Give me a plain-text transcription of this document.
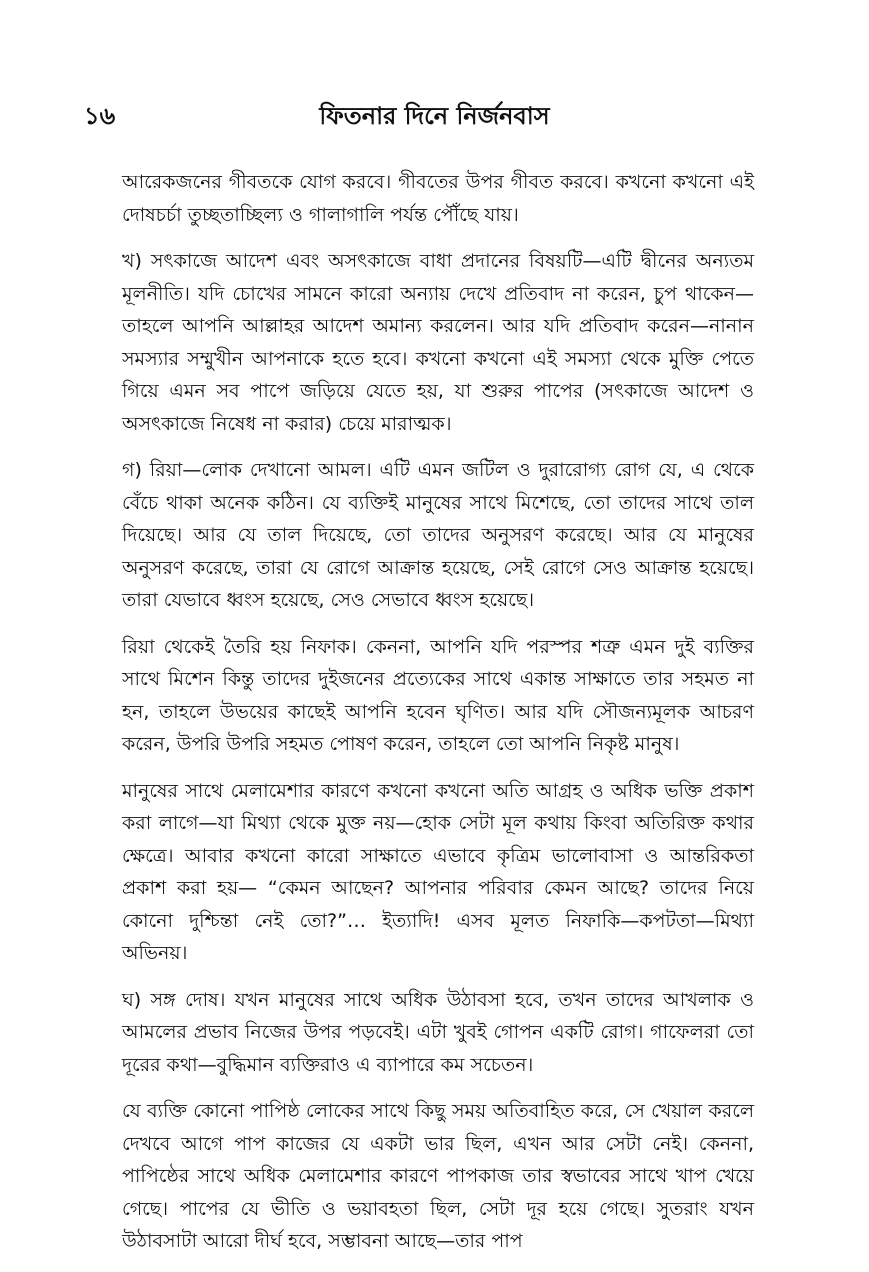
১৬	ফিতনার দিনে নির্জনবাস

আরেকজনের গীবতকে যোগ করবে। গীবতের উপর গীবত করবে। কখনো কখনো এই দোষচর্চা তুচ্ছতাচ্ছিল্য ও গালাগালি পর্যন্ত পৌঁছে যায়।

খ) সৎকাজে আদেশ এবং অসৎকাজে বাধা প্রদানের বিষয়টি—এটি দ্বীনের অন্যতম মূলনীতি। যদি চোখের সামনে কারো অন্যায় দেখে প্রতিবাদ না করেন, চুপ থাকেন—তাহলে আপনি আল্লাহর আদেশ অমান্য করলেন। আর যদি প্রতিবাদ করেন—নানান সমস্যার সম্মুখীন আপনাকে হতে হবে। কখনো কখনো এই সমস্যা থেকে মুক্তি পেতে গিয়ে এমন সব পাপে জড়িয়ে যেতে হয়, যা শুরুর পাপের (সৎকাজে আদেশ ও অসৎকাজে নিষেধ না করার) চেয়ে মারাত্মক।

গ) রিয়া—লোক দেখানো আমল। এটি এমন জটিল ও দুরারোগ্য রোগ যে, এ থেকে বেঁচে থাকা অনেক কঠিন। যে ব্যক্তিই মানুষের সাথে মিশেছে, তো তাদের সাথে তাল দিয়েছে। আর যে তাল দিয়েছে, তো তাদের অনুসরণ করেছে। আর যে মানুষের অনুসরণ করেছে, তারা যে রোগে আক্রান্ত হয়েছে, সেই রোগে সেও আক্রান্ত হয়েছে। তারা যেভাবে ধ্বংস হয়েছে, সেও সেভাবে ধ্বংস হয়েছে।

রিয়া থেকেই তৈরি হয় নিফাক। কেননা, আপনি যদি পরস্পর শত্রু এমন দুই ব্যক্তির সাথে মিশেন কিন্তু তাদের দুইজনের প্রত্যেকের সাথে একান্ত সাক্ষাতে তার সহমত না হন, তাহলে উভয়ের কাছেই আপনি হবেন ঘৃণিত। আর যদি সৌজন্যমূলক আচরণ করেন, উপরি উপরি সহমত পোষণ করেন, তাহলে তো আপনি নিকৃষ্ট মানুষ।

মানুষের সাথে মেলামেশার কারণে কখনো কখনো অতি আগ্রহ ও অধিক ভক্তি প্রকাশ করা লাগে—যা মিথ্যা থেকে মুক্ত নয়—হোক সেটা মূল কথায় কিংবা অতিরিক্ত কথার ক্ষেত্রে। আবার কখনো কারো সাক্ষাতে এভাবে কৃত্রিম ভালোবাসা ও আন্তরিকতা প্রকাশ করা হয়— “কেমন আছেন? আপনার পরিবার কেমন আছে? তাদের নিয়ে কোনো দুশ্চিন্তা নেই তো?”… ইত্যাদি! এসব মূলত নিফাকি—কপটতা—মিথ্যা অভিনয়।

ঘ) সঙ্গ দোষ। যখন মানুষের সাথে অধিক উঠাবসা হবে, তখন তাদের আখলাক ও আমলের প্রভাব নিজের উপর পড়বেই। এটা খুবই গোপন একটি রোগ। গাফেলরা তো দূরের কথা—বুদ্ধিমান ব্যক্তিরাও এ ব্যাপারে কম সচেতন।

যে ব্যক্তি কোনো পাপিষ্ঠ লোকের সাথে কিছু সময় অতিবাহিত করে, সে খেয়াল করলে দেখবে আগে পাপ কাজের যে একটা ভার ছিল, এখন আর সেটা নেই। কেননা, পাপিষ্ঠের সাথে অধিক মেলামেশার কারণে পাপকাজ তার স্বভাবের সাথে খাপ খেয়ে গেছে। পাপের যে ভীতি ও ভয়াবহতা ছিল, সেটা দূর হয়ে গেছে। সুতরাং যখন উঠাবসাটা আরো দীর্ঘ হবে, সম্ভাবনা আছে—তার পাপ
